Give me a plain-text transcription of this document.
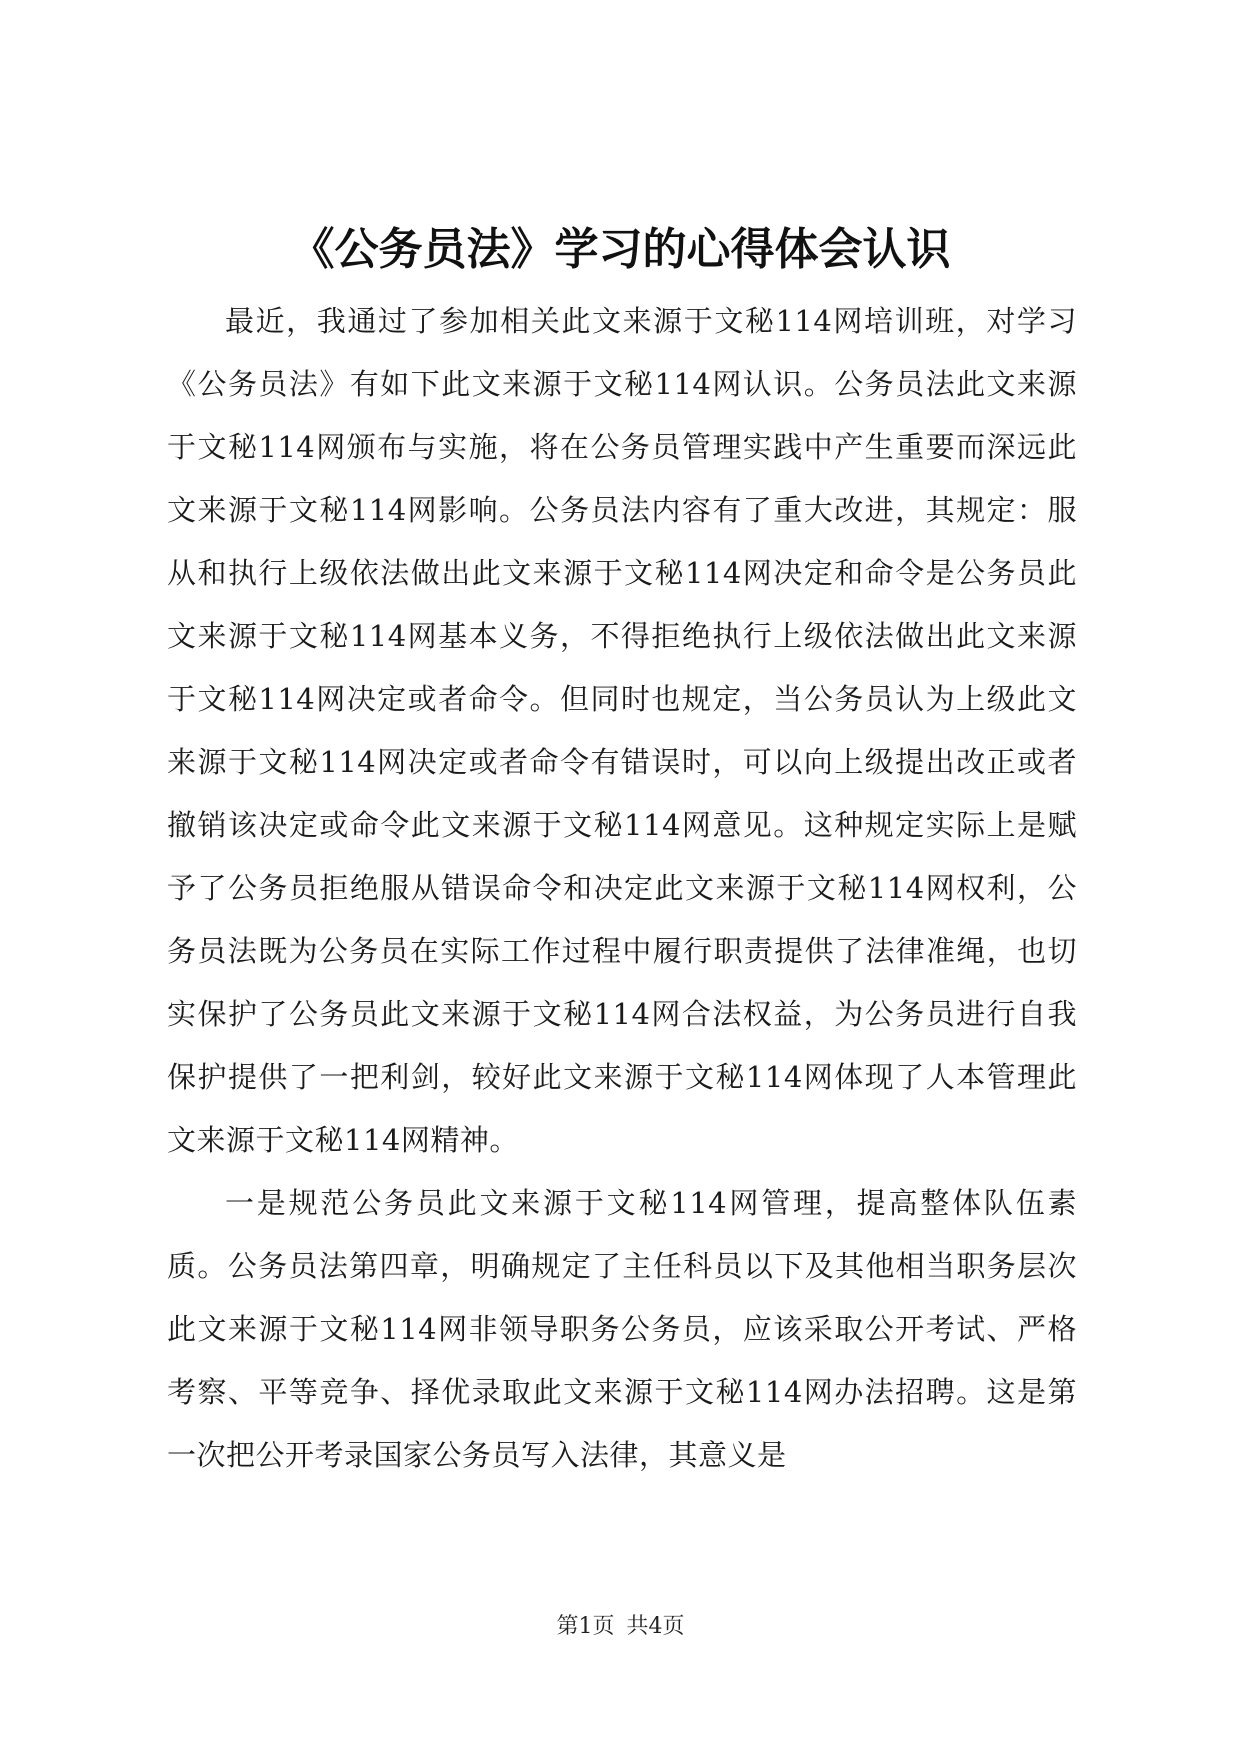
《公务员法》学习的心得体会认识

最近，我通过了参加相关此文来源于文秘114网培训班，对学习《公务员法》有如下此文来源于文秘114网认识。公务员法此文来源于文秘114网颁布与实施，将在公务员管理实践中产生重要而深远此文来源于文秘114网影响。公务员法内容有了重大改进，其规定：服从和执行上级依法做出此文来源于文秘114网决定和命令是公务员此文来源于文秘114网基本义务，不得拒绝执行上级依法做出此文来源于文秘114网决定或者命令。但同时也规定，当公务员认为上级此文来源于文秘114网决定或者命令有错误时，可以向上级提出改正或者撤销该决定或命令此文来源于文秘114网意见。这种规定实际上是赋予了公务员拒绝服从错误命令和决定此文来源于文秘114网权利，公务员法既为公务员在实际工作过程中履行职责提供了法律准绳，也切实保护了公务员此文来源于文秘114网合法权益，为公务员进行自我保护提供了一把利剑，较好此文来源于文秘114网体现了人本管理此文来源于文秘114网精神。

一是规范公务员此文来源于文秘114网管理，提高整体队伍素质。公务员法第四章，明确规定了主任科员以下及其他相当职务层次此文来源于文秘114网非领导职务公务员，应该采取公开考试、严格考察、平等竞争、择优录取此文来源于文秘114网办法招聘。这是第一次把公开考录国家公务员写入法律，其意义是

第1页 共4页
